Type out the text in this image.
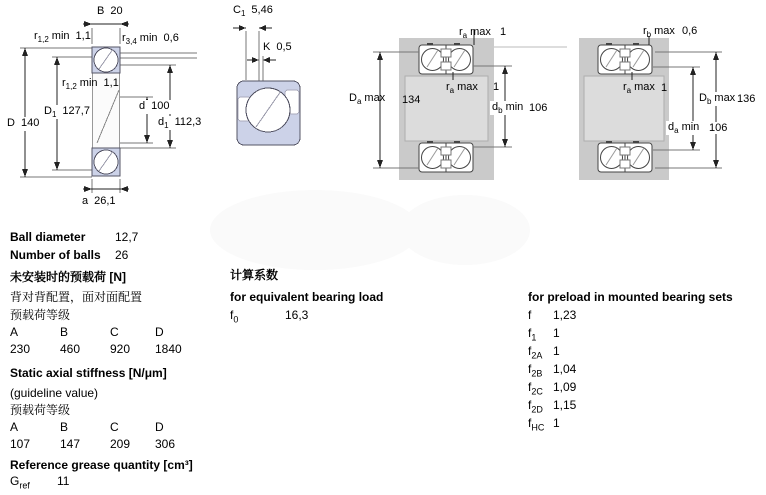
B 20
$r_{1,2}$ min 1,1	$r_{3,4}$ min 0,6
$r_{1,2}$ min 1,1
$D_1$ 127,7
D 140
d 100
$d_1$ 112,3
a 26,1
$C_1$ 5,46
K 0,5
$r_a$ max 1
$r_a$ max 1
$D_a$ max 134
$d_b$ min 106
$r_b$ max 0,6
$r_a$ max 1
$D_b$ max 136
$d_a$ min 106
Ball diameter 12,7
Number of balls 26
未安装时的预载荷 [N]
背对背配置，面对面配置
预载荷等级
A	B	C	D
230 460 920 1840
Static axial stiffness [N/μm]
(guideline value)
预载荷等级
A	B	C	D
107 147 209 306
Reference grease quantity [cm³]
$G_{ref}$ 11
计算系数
for equivalent bearing load
$f_0$	16,3
for preload in mounted bearing sets
f 1,23
$f_1$ 1
$f_{2A}$ 1
$f_{2B}$ 1,04
$f_{2C}$ 1,09
$f_{2D}$ 1,15
$f_{HC}$ 1
